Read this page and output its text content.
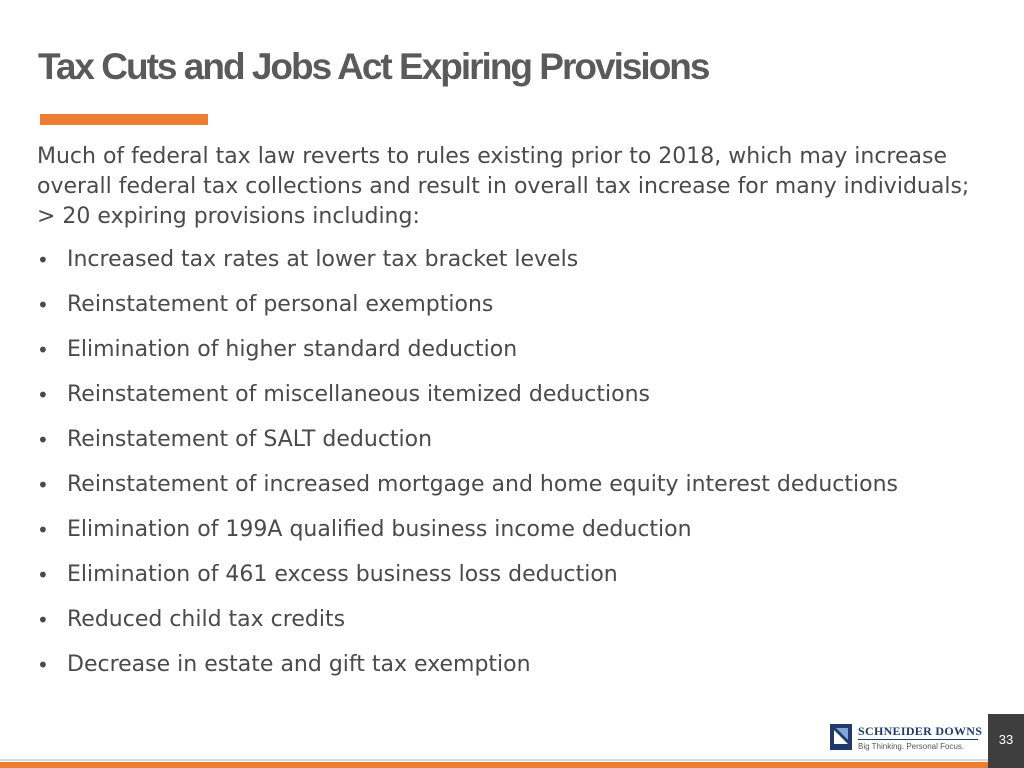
Tax Cuts and Jobs Act Expiring Provisions
Much of federal tax law reverts to rules existing prior to 2018, which may increase overall federal tax collections and result in overall tax increase for many individuals; > 20 expiring provisions including:
• Increased tax rates at lower tax bracket levels
• Reinstatement of personal exemptions
• Elimination of higher standard deduction
• Reinstatement of miscellaneous itemized deductions
• Reinstatement of SALT deduction
• Reinstatement of increased mortgage and home equity interest deductions
• Elimination of 199A qualified business income deduction
• Elimination of 461 excess business loss deduction
• Reduced child tax credits
• Decrease in estate and gift tax exemption
SCHNEIDER DOWNS
Big Thinking. Personal Focus.	33
